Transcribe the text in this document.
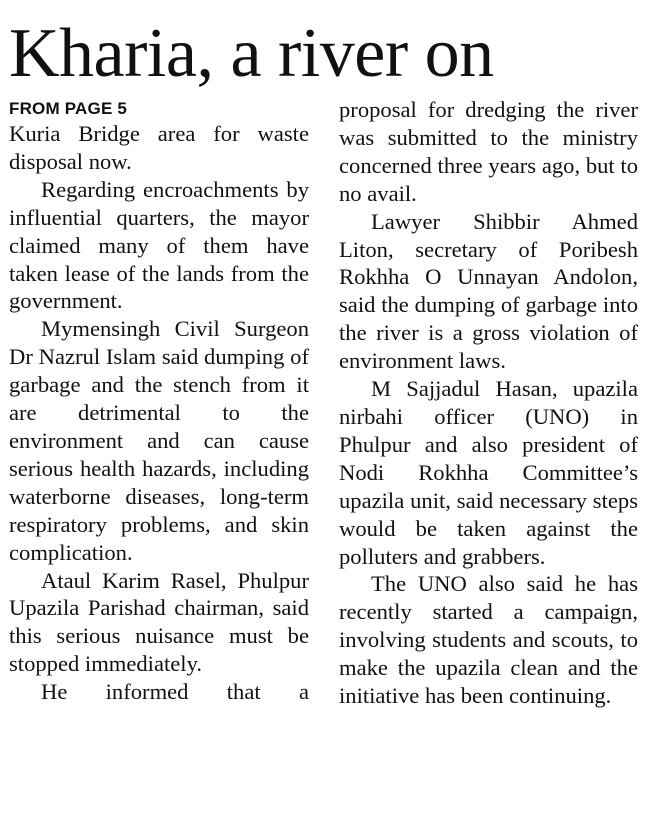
Kharia, a river on
FROM PAGE 5

Kuria Bridge area for waste disposal now.

Regarding encroachments by influential quarters, the mayor claimed many of them have taken lease of the lands from the government.

Mymensingh Civil Surgeon Dr Nazrul Islam said dumping of garbage and the stench from it are detrimental to the environment and can cause serious health hazards, including waterborne diseases, long-term respiratory problems, and skin complication.

Ataul Karim Rasel, Phulpur Upazila Parishad chairman, said this serious nuisance must be stopped immediately.

He informed that a

proposal for dredging the river was submitted to the ministry concerned three years ago, but to no avail.

Lawyer Shibbir Ahmed Liton, secretary of Poribesh Rokhha O Unnayan Andolon, said the dumping of garbage into the river is a gross violation of environment laws.

M Sajjadul Hasan, upazila nirbahi officer (UNO) in Phulpur and also president of Nodi Rokhha Committee’s upazila unit, said necessary steps would be taken against the polluters and grabbers.

The UNO also said he has recently started a campaign, involving students and scouts, to make the upazila clean and the initiative has been continuing.
